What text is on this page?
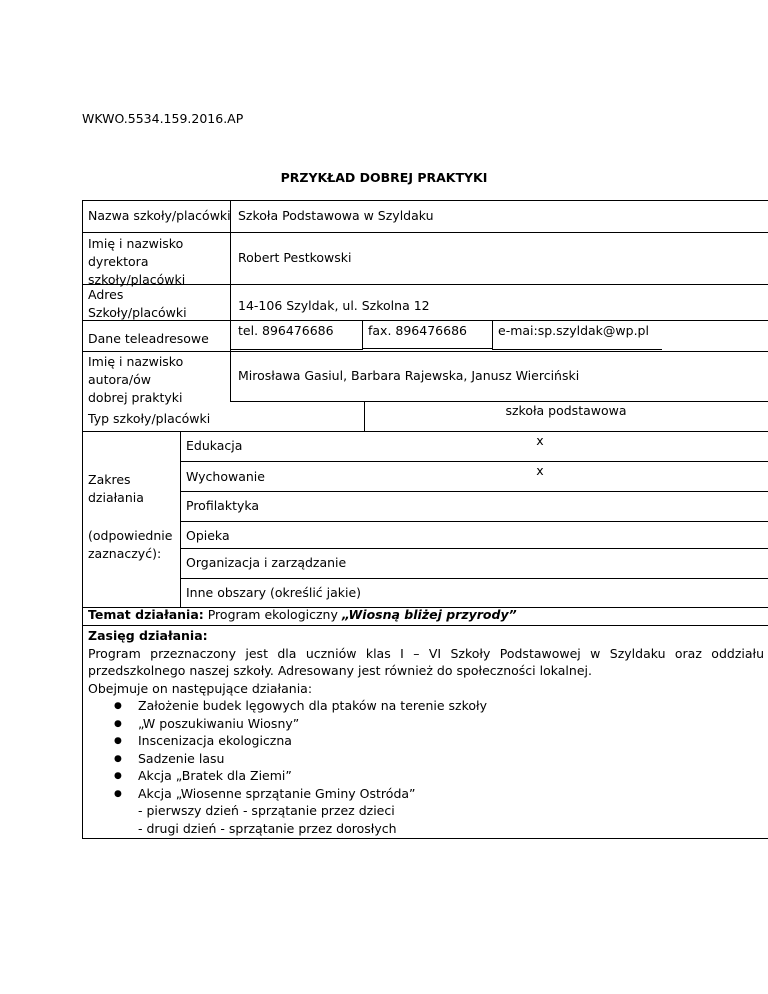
WKWO.5534.159.2016.AP
PRZYKŁAD DOBREJ PRAKTYKI
Nazwa szkoły/placówki Szkoła Podstawowa w Szyldaku
Imię i nazwisko
dyrektora
szkoły/placówki
Robert Pestkowski
Adres
Szkoły/placówki	14-106 Szyldak, ul. Szkolna 12
Dane teleadresowe
tel. 896476686	fax. 896476686 e-mai:sp.szyldak@wp.pl
Imię i nazwisko
autora/ów
dobrej praktyki
Mirosława Gasiul, Barbara Rajewska, Janusz Wierciński
Typ szkoły/placówki
szkoła podstawowa
Zakres
działania
(odpowiednie
zaznaczyć):
Edukacja
Wychowanie
Profilaktyka
Opieka
Organizacja i zarządzanie
Inne obszary (określić jakie)
x
x
Temat działania: Program ekologiczny „Wiosną bliżej przyrody”
Zasięg działania:
Program przeznaczony jest dla uczniów klas I – VI Szkoły Podstawowej w Szyldaku oraz oddziału
przedszkolnego naszej szkoły. Adresowany jest również do społeczności lokalnej.
Obejmuje on następujące działania:
● Założenie budek lęgowych dla ptaków na terenie szkoły
● „W poszukiwaniu Wiosny”
● Inscenizacja ekologiczna
● Sadzenie lasu
● Akcja „Bratek dla Ziemi”
● Akcja „Wiosenne sprzątanie Gminy Ostróda”
- pierwszy dzień - sprzątanie przez dzieci
- drugi dzień - sprzątanie przez dorosłych
